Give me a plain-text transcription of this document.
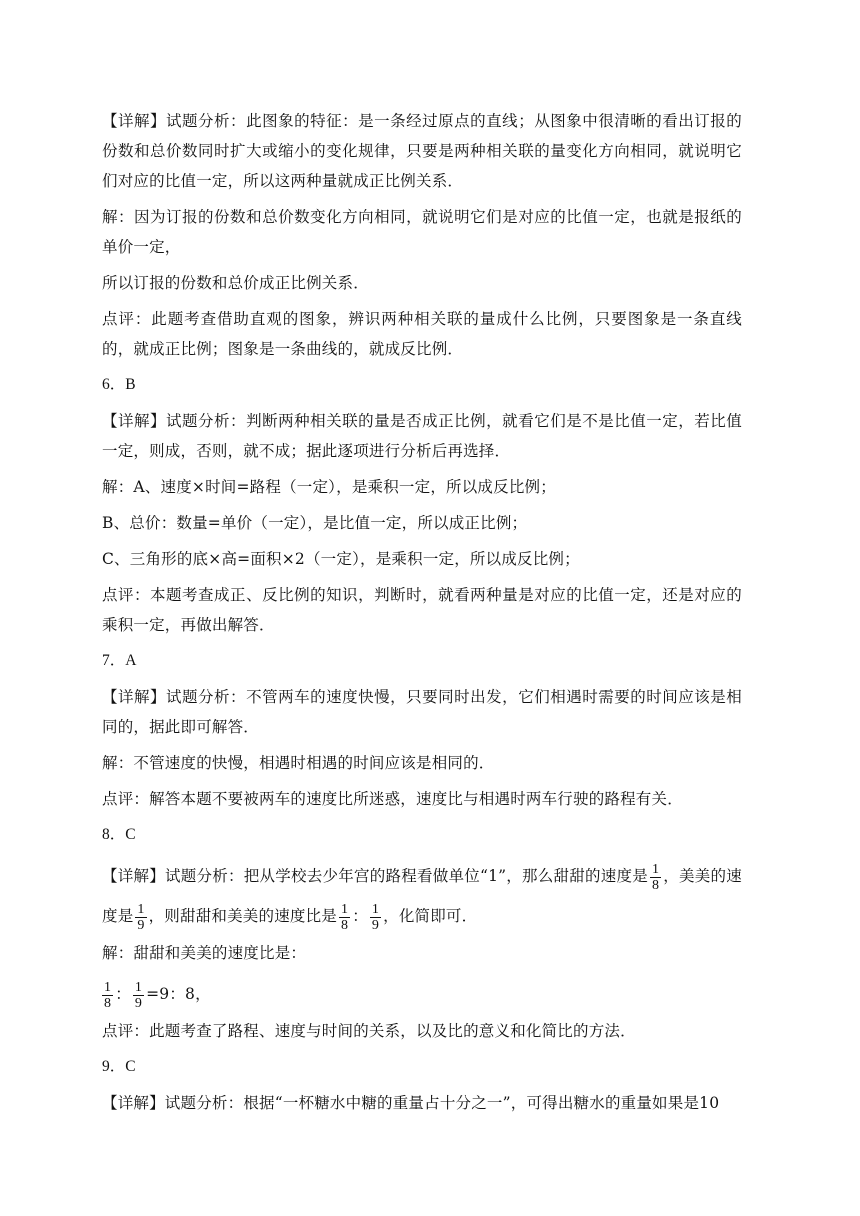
【详解】试题分析：此图象的特征：是一条经过原点的直线；从图象中很清晰的看出订报的份数和总价数同时扩大或缩小的变化规律，只要是两种相关联的量变化方向相同，就说明它们对应的比值一定，所以这两种量就成正比例关系．

解：因为订报的份数和总价数变化方向相同，就说明它们是对应的比值一定，也就是报纸的单价一定，

所以订报的份数和总价成正比例关系．

点评：此题考查借助直观的图象，辨识两种相关联的量成什么比例，只要图象是一条直线的，就成正比例；图象是一条曲线的，就成反比例．

6．B

【详解】试题分析：判断两种相关联的量是否成正比例，就看它们是不是比值一定，若比值一定，则成，否则，就不成；据此逐项进行分析后再选择．

解：A、速度×时间=路程（一定），是乘积一定，所以成反比例；

B、总价：数量=单价（一定），是比值一定，所以成正比例；

C、三角形的底×高=面积×2（一定），是乘积一定，所以成反比例；

点评：本题考查成正、反比例的知识，判断时，就看两种量是对应的比值一定，还是对应的乘积一定，再做出解答．

7．A

【详解】试题分析：不管两车的速度快慢，只要同时出发，它们相遇时需要的时间应该是相同的，据此即可解答．

解：不管速度的快慢，相遇时相遇的时间应该是相同的．

点评：解答本题不要被两车的速度比所迷惑，速度比与相遇时两车行驶的路程有关．

8．C

【详解】试题分析：把从学校去少年宫的路程看做单位“1”，那么甜甜的速度是 $\frac{1}{8}$ ，美美的速度是 $\frac{1}{9}$ ，则甜甜和美美的速度比是 $\frac{1}{8}$ ： $\frac{1}{9}$ ，化简即可．

解：甜甜和美美的速度比是：

$\frac{1}{8}$ ： $\frac{1}{9} =9$：8，

点评：此题考查了路程、速度与时间的关系，以及比的意义和化简比的方法．

9．C

【详解】试题分析：根据“一杯糖水中糖的重量占十分之一”，可得出糖水的重量如果是10
